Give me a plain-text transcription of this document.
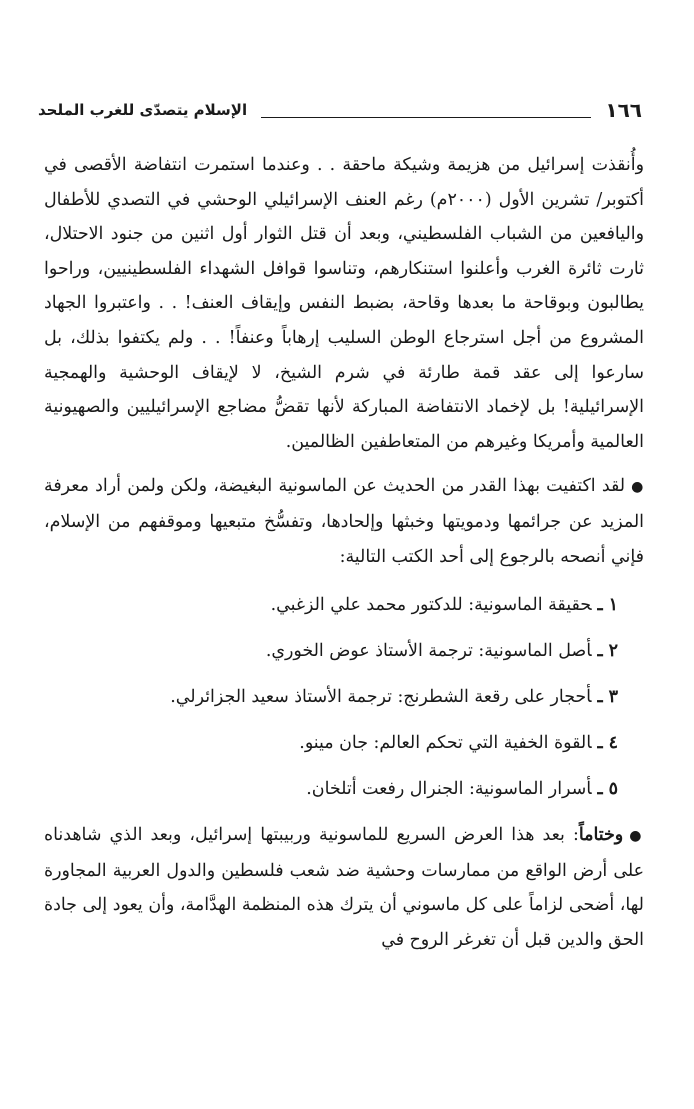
١٦٦
الإسلام يتصدّى للغرب الملحد

وأُنقذت إسرائيل من هزيمة وشيكة ماحقة . . وعندما استمرت انتفاضة الأقصى في أكتوبر/ تشرين الأول (٢٠٠٠م) رغم العنف الإسرائيلي الوحشي في التصدي للأطفال واليافعين من الشباب الفلسطيني، وبعد أن قتل الثوار أول اثنين من جنود الاحتلال، ثارت ثائرة الغرب وأعلنوا استنكارهم، وتناسوا قوافل الشهداء الفلسطينيين، وراحوا يطالبون وبوقاحة ما بعدها وقاحة، بضبط النفس وإيقاف العنف! . . واعتبروا الجهاد المشروع من أجل استرجاع الوطن السليب إرهاباً وعنفاً! . . ولم يكتفوا بذلك، بل سارعوا إلى عقد قمة طارئة في شرم الشيخ، لا لإيقاف الوحشية والهمجية الإسرائيلية! بل لإخماد الانتفاضة المباركة لأنها تقضُّ مضاجع الإسرائيليين والصهيونية العالمية وأمريكا وغيرهم من المتعاطفين الظالمين.

●لقد اكتفيت بهذا القدر من الحديث عن الماسونية البغيضة، ولكن ولمن أراد معرفة المزيد عن جرائمها ودمويتها وخبثها وإلحادها، وتفسُّخ متبعيها وموقفهم من الإسلام، فإني أنصحه بالرجوع إلى أحد الكتب التالية:

١ ـحقيقة الماسونية: للدكتور محمد علي الزغبي.
٢ ـأصل الماسونية: ترجمة الأستاذ عوض الخوري.
٣ ـأحجار على رقعة الشطرنج: ترجمة الأستاذ سعيد الجزائرلي.
٤ ـالقوة الخفية التي تحكم العالم: جان مينو.
٥ ـأسرار الماسونية: الجنرال رفعت أتلخان.

●وختاماً: بعد هذا العرض السريع للماسونية وربيبتها إسرائيل، وبعد الذي شاهدناه على أرض الواقع من ممارسات وحشية ضد شعب فلسطين والدول العربية المجاورة لها، أضحى لزاماً على كل ماسوني أن يترك هذه المنظمة الهدَّامة، وأن يعود إلى جادة الحق والدين قبل أن تغرغر الروح في
